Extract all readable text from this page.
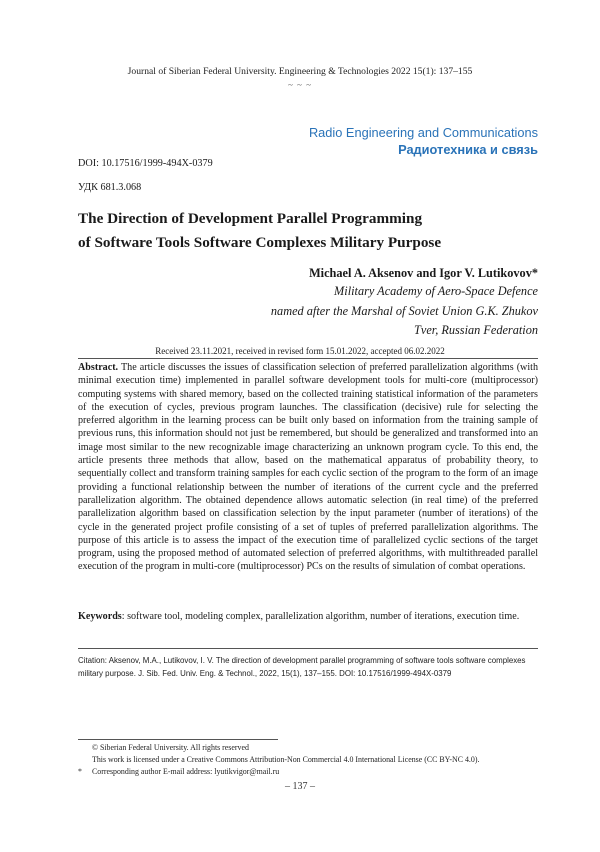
Journal of Siberian Federal University. Engineering & Technologies 2022 15(1): 137–155
~ ~ ~
Radio Engineering and Communications
Радиотехника и связь
DOI: 10.17516/1999-494X-0379
УДК 681.3.068
The Direction of Development Parallel Programming
of Software Tools Software Complexes Military Purpose
Michael A. Aksenov and Igor V. Lutikovov*
Military Academy of Aero-Space Defence
named after the Marshal of Soviet Union G.K. Zhukov
Tver, Russian Federation
Received 23.11.2021, received in revised form 15.01.2022, accepted 06.02.2022
Abstract. The article discusses the issues of classification selection of preferred parallelization algorithms (with minimal execution time) implemented in parallel software development tools for multi-core (multiprocessor) computing systems with shared memory, based on the collected training statistical information of the parameters of the execution of cycles, previous program launches. The classification (decisive) rule for selecting the preferred algorithm in the learning process can be built only based on information from the training sample of previous runs, this information should not just be remembered, but should be generalized and transformed into an image most similar to the new recognizable image characterizing an unknown program cycle. To this end, the article presents three methods that allow, based on the mathematical apparatus of probability theory, to sequentially collect and transform training samples for each cyclic section of the program to the form of an image providing a functional relationship between the number of iterations of the current cycle and the preferred parallelization algorithm. The obtained dependence allows automatic selection (in real time) of the preferred parallelization algorithm based on classification selection by the input parameter (number of iterations) of the cycle in the generated project profile consisting of a set of tuples of preferred parallelization algorithms. The purpose of this article is to assess the impact of the execution time of parallelized cyclic sections of the target program, using the proposed method of automated selection of preferred algorithms, with multithreaded parallel execution of the program in multi-core (multiprocessor) PCs on the results of simulation of combat operations.
Keywords: software tool, modeling complex, parallelization algorithm, number of iterations, execution time.
Citation: Aksenov, M.A., Lutikovov, I. V. The direction of development parallel programming of software tools software complexes military purpose. J. Sib. Fed. Univ. Eng. & Technol., 2022, 15(1), 137–155. DOI: 10.17516/1999-494X-0379
© Siberian Federal University. All rights reserved
This work is licensed under a Creative Commons Attribution-Non Commercial 4.0 International License (CC BY-NC 4.0).
* Corresponding author E-mail address: lyutikvigor@mail.ru
– 137 –
